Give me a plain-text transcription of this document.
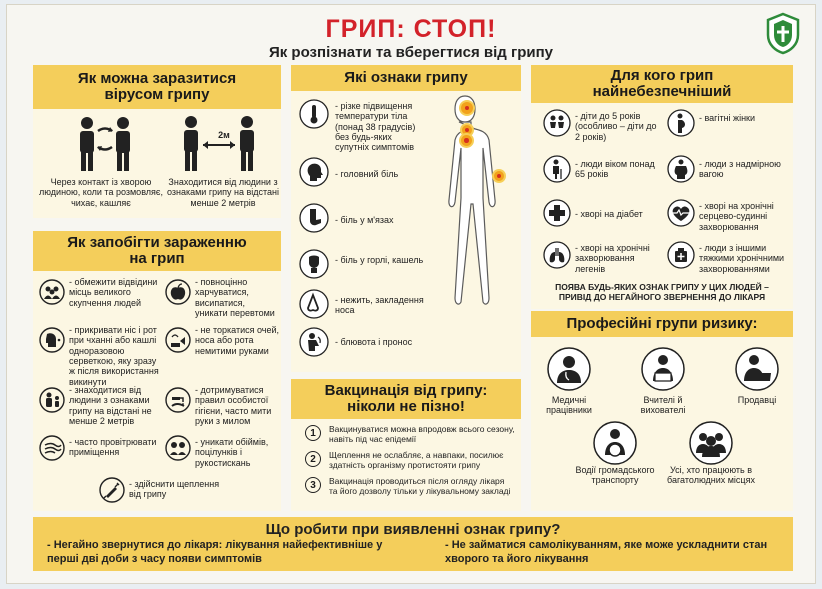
ГРИП: СТОП!
Як розпізнати та вберегтися від грипу
Як можна заразитися вірусом грипу
Через контакт із хворою людиною, коли та розмовляє, чихає, кашляє
2м
Знаходитися від людини з ознаками грипу на відстані менше 2 метрів
Як запобігти зараженню на грип
- обмежити відвідини місць великого скупчення людей
- повноцінно харчуватися, висипатися, уникати перевтоми
- прикривати ніс і рот при чханні або кашлі одноразовою серветкою, яку зразу ж після використання викинути
- не торкатися очей, носа або рота немитими руками
- знаходитися від людини з ознаками грипу на відстані не менше 2 метрів
- дотримуватися правил особистої гігієни, часто мити руки з милом
- часто провітрювати приміщення
- уникати обіймів, поцілунків і рукостискань
- здійснити щеплення від грипу
Які ознаки грипу
- різке підвищення температури тіла (понад 38 градусів) без будь-яких супутніх симптомів
- головний біль
- біль у м'язах
- біль у горлі, кашель
- нежить, закладення носа
- блювота і пронос
Вакцинація від грипу: ніколи не пізно!
1	Вакцинуватися можна впродовж всього сезону, навіть під час епідемії
2	Щеплення не ослабляє, а навпаки, посилює здатність організму протистояти грипу
3	Вакцинація проводиться після огляду лікаря та його дозволу тільки у лікувальному закладі
Для кого грип найнебезпечніший
- діти до 5 років (особливо – діти до 2 років)
- вагітні жінки
- люди віком понад 65 років
- люди з надмірною вагою
- хворі на діабет
- хворі на хронічні серцево-судинні захворювання
- хворі на хронічні захворювання легенів
- люди з іншими тяжкими хронічними захворюваннями
ПОЯВА БУДЬ-ЯКИХ ОЗНАК ГРИПУ У ЦИХ ЛЮДЕЙ – ПРИВІД ДО НЕГАЙНОГО ЗВЕРНЕННЯ ДО ЛІКАРЯ
Професійні групи ризику:
Медичні працівники
Вчителі й вихователі
Продавці
Водії громадського транспорту
Усі, хто працюють в багатолюдних місцях
Що робити при виявленні ознак грипу?
- Негайно звернутися до лікаря: лікування найефективніше у перші дві доби з часу появи симптомів
- Не займатися самолікуванням, яке може ускладнити стан хворого та його лікування
